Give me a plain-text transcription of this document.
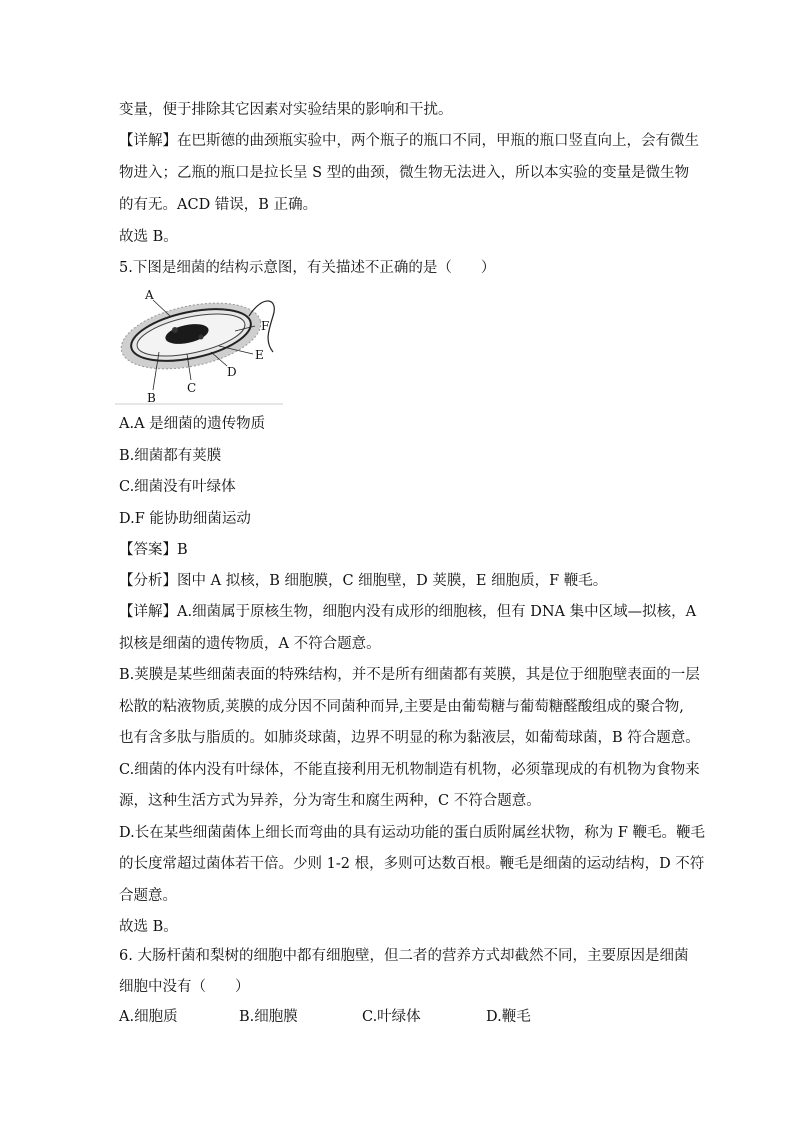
变量，便于排除其它因素对实验结果的影响和干扰。
【详解】在巴斯德的曲颈瓶实验中，两个瓶子的瓶口不同，甲瓶的瓶口竖直向上，会有微生
物进入；乙瓶的瓶口是拉长呈 S 型的曲颈，微生物无法进入，所以本实验的变量是微生物
的有无。ACD 错误，B 正确。
故选 B。
5.下图是细菌的结构示意图，有关描述不正确的是（　　）
A
F
E
D
C
B
A.A 是细菌的遗传物质
B.细菌都有荚膜
C.细菌没有叶绿体
D.F 能协助细菌运动
【答案】B
【分析】图中 A 拟核，B 细胞膜，C 细胞壁，D 荚膜，E 细胞质，F 鞭毛。
【详解】A.细菌属于原核生物，细胞内没有成形的细胞核，但有 DNA 集中区域—拟核，A
拟核是细菌的遗传物质，A 不符合题意。
B.荚膜是某些细菌表面的特殊结构，并不是所有细菌都有荚膜，其是位于细胞壁表面的一层
松散的粘液物质,荚膜的成分因不同菌种而异,主要是由葡萄糖与葡萄糖醛酸组成的聚合物,
也有含多肽与脂质的。如肺炎球菌，边界不明显的称为黏液层，如葡萄球菌，B 符合题意。
C.细菌的体内没有叶绿体，不能直接利用无机物制造有机物，必须靠现成的有机物为食物来
源，这种生活方式为异养，分为寄生和腐生两种，C 不符合题意。
D.长在某些细菌菌体上细长而弯曲的具有运动功能的蛋白质附属丝状物，称为 F 鞭毛。鞭毛
的长度常超过菌体若干倍。少则 1-2 根，多则可达数百根。鞭毛是细菌的运动结构，D 不符
合题意。
故选 B。
6. 大肠杆菌和梨树的细胞中都有细胞壁，但二者的营养方式却截然不同，主要原因是细菌
细胞中没有（　　）
A.细胞质	B.细胞膜	C.叶绿体	D.鞭毛
